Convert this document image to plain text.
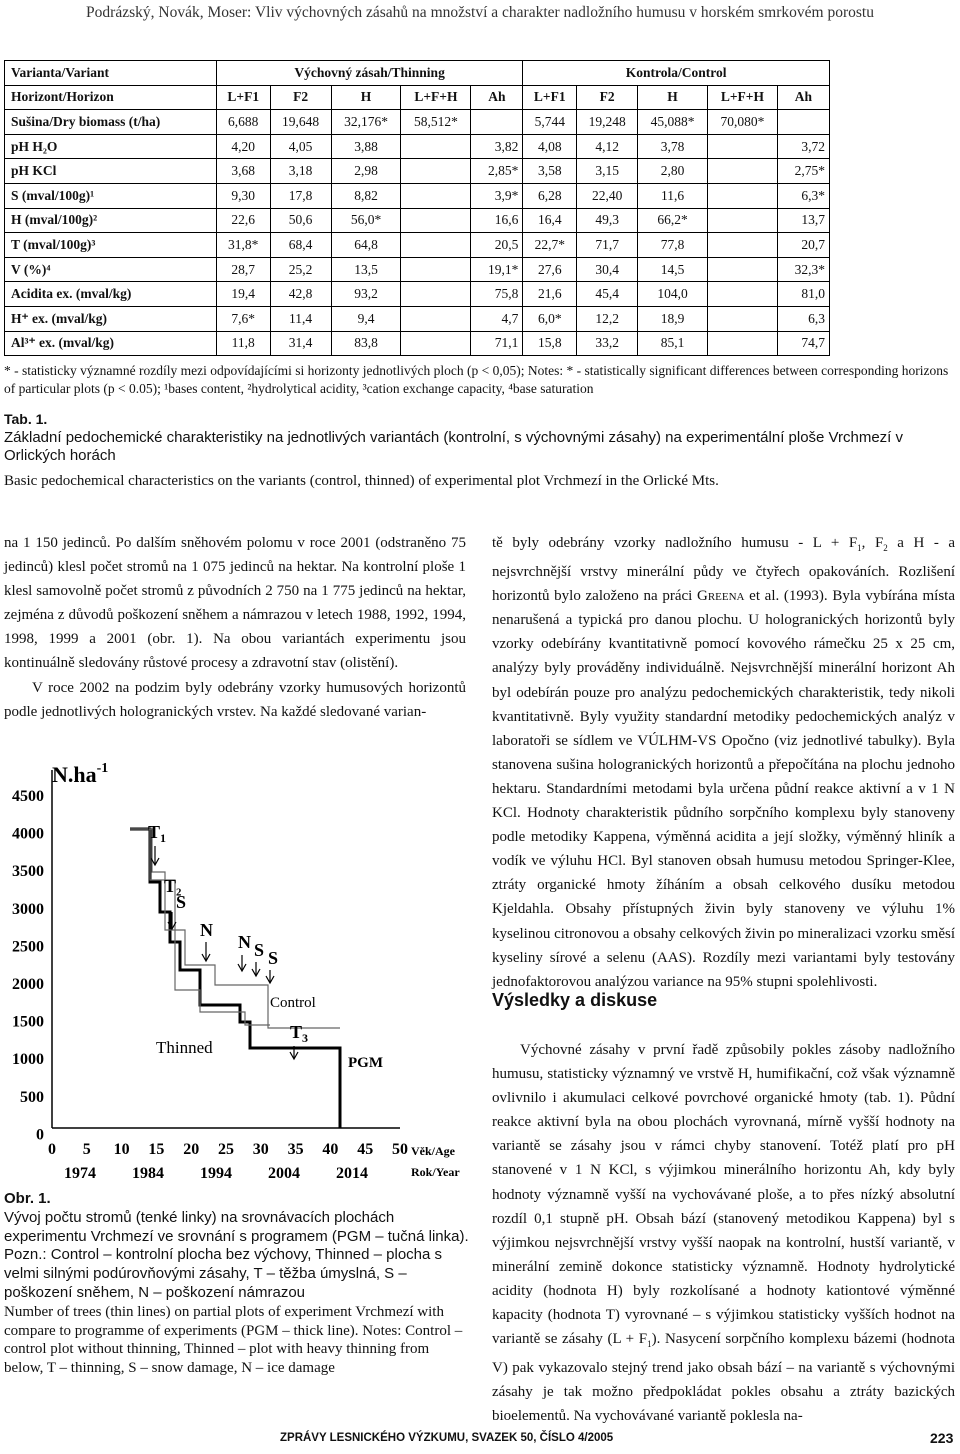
Podrázský, Novák, Moser: Vliv výchovných zásahů na množství a charakter nadložního humusu v horském smrkovém porostu
Varianta/Variant	Výchovný zásah/Thinning					Kontrola/Control				
Horizont/Horizon	L+F1	F2	H	L+F+H	Ah	L+F1	F2	H	L+F+H	Ah
Sušina/Dry biomass (t/ha)	6,688	19,648	32,176*	58,512*		5,744	19,248	45,088*	70,080*	
pH H₂O	4,20	4,05	3,88		3,82	4,08	4,12	3,78		3,72
pH KCl	3,68	3,18	2,98		2,85*	3,58	3,15	2,80		2,75*
S (mval/100g)¹	9,30	17,8	8,82		3,9*	6,28	22,40	11,6		6,3*
H (mval/100g)²	22,6	50,6	56,0*		16,6	16,4	49,3	66,2*		13,7
T (mval/100g)³	31,8*	68,4	64,8		20,5	22,7*	71,7	77,8		20,7
V (%)⁴	28,7	25,2	13,5		19,1*	27,6	30,4	14,5		32,3*
Acidita ex. (mval/kg)	19,4	42,8	93,2		75,8	21,6	45,4	104,0		81,0
H⁺ ex. (mval/kg)	7,6*	11,4	9,4		4,7	6,0*	12,2	18,9		6,3
Al³⁺ ex. (mval/kg)	11,8	31,4	83,8		71,1	15,8	33,2	85,1		74,7
* - statisticky významné rozdíly mezi odpovídajícími si horizonty jednotlivých ploch (p < 0,05); Notes: * - statistically significant differences between corresponding horizons of particular plots (p < 0.05); ¹bases content, ²hydrolytical acidity, ³cation exchange capacity, ⁴base saturation
Tab. 1.
Základní pedochemické charakteristiky na jednotlivých variantách (kontrolní, s výchovnými zásahy) na experimentální ploše Vrchmezí v Orlických horách
Basic pedochemical characteristics on the variants (control, thinned) of experimental plot Vrchmezí in the Orlické Mts.

na 1 150 jedinců. Po dalším sněhovém polomu v roce 2001 (odstraněno 75 jedinců) klesl počet stromů na 1 075 jedinců na hektar. Na kontrolní ploše 1 klesl samovolně počet stromů z původních 2 750 na 1 775 jedinců na hektar, zejména z důvodů poškození sněhem a námrazou v letech 1988, 1992, 1994, 1998, 1999 a 2001 (obr. 1). Na obou variantách experimentu jsou kontinuálně sledovány růstové procesy a zdravotní stav (olistění).

V roce 2002 na podzim byly odebrány vzorky humusových horizontů podle jednotlivých hologranických vrstev. Na každé sledované varian-

tě byly odebrány vzorky nadložního humusu - $L + F_1$, $F_2$ a H - a nejsvrchnější vrstvy minerální půdy ve čtyřech opakováních. Rozlišení horizontů bylo založeno na práci Greena et al. (1993). Byla vybírána místa nenarušená a typická pro danou plochu. U hologranických horizontů byly vzorky odebírány kvantitativně pomocí kovového rámečku 25 x 25 cm, analýzy byly prováděny individuálně. Nejsvrchnější minerální horizont Ah byl odebírán pouze pro analýzu pedochemických charakteristik, tedy nikoli kvantitativně. Byly využity standardní metodiky pedochemických analýz v laboratoři se sídlem ve VÚLHM-VS Opočno (viz jednotlivé tabulky). Byla stanovena sušina hologranických horizontů a přepočítána na plochu jednoho hektaru. Standardními metodami byla určena půdní reakce aktivní a v 1 N KCl. Hodnoty charakteristik půdního sorpčního komplexu byly stanoveny podle metodiky Kappena, výměnná acidita a její složky, výměnný hliník a vodík ve výluhu HCl. Byl stanoven obsah humusu metodou Springer-Klee, ztráty organické hmoty žíháním a obsah celkového dusíku metodou Kjeldahla. Obsahy přístupných živin byly stanoveny ve výluhu 1% kyselinou citronovou a obsahy celkových živin po mineralizaci vzorku směsí kyseliny sírové a selenu (AAS). Rozdíly mezi variantami byly testovány jednofaktorovou analýzou variance na 95% stupni spolehlivosti.

Výsledky a diskuse

Výchovné zásahy v první řadě způsobily pokles zásoby nadložního humusu, statisticky významný ve vrstvě H, humifikační, což však významně ovlivnilo i akumulaci celkové povrchové organické hmoty (tab. 1). Půdní reakce aktivní byla na obou plochách vyrovnaná, mírně vyšší hodnoty na variantě se zásahy jsou v rámci chyby stanovení. Totéž platí pro pH stanovené v 1 N KCl, s výjimkou minerálního horizontu Ah, kdy byly hodnoty významně vyšší na vychovávané ploše, a to přes nízký absolutní rozdíl 0,1 stupně pH. Obsah bází (stanovený metodikou Kappena) byl s výjimkou nejsvrchnější vrstvy vyšší naopak na kontrolní, hustší variantě, v minerální zemině dokonce statisticky významně. Hodnoty hydrolytické acidity (hodnota H) byly rozkolísané a hodnoty kationtové výměnné kapacity (hodnota T) vyrovnané – s výjimkou statisticky vyšších hodnot na variantě se zásahy $(L + F_1)$. Nasycení sorpčního komplexu bázemi (hodnota V) pak vykazovalo stejný trend jako obsah bází – na variantě s výchovnými zásahy je tak možno předpokládat pokles obsahu a ztráty bazických bioelementů. Na vychovávané variantě poklesla na-

4500
4000
3500
3000
2500
2000
1500
1000
500
0
0 5 10 15 20 25 30 35 40 45 50
$N.ha^{-1}$
$T_1$
T₂
S
N
N S S
$T_3$
Control
Thinned
PGM
1974 1984 1994 2004 2014
Věk/Age
Rok/Year
Obr. 1.
Vývoj počtu stromů (tenké linky) na srovnávacích plochách experimentu Vrchmezí ve srovnání s programem (PGM – tučná linka).
Pozn.: Control – kontrolní plocha bez výchovy, Thinned – plocha s velmi silnými podúrovňovými zásahy, T – těžba úmyslná, S – poškození sněhem, N – poškození námrazou
Number of trees (thin lines) on partial plots of experiment Vrchmezí with compare to programme of experiments (PGM – thick line). Notes: Control – control plot without thinning, Thinned – plot with heavy thinning from below, T – thinning, S – snow damage, N – ice damage
ZPRÁVY LESNICKÉHO VÝZKUMU, SVAZEK 50, ČÍSLO 4/2005	223
